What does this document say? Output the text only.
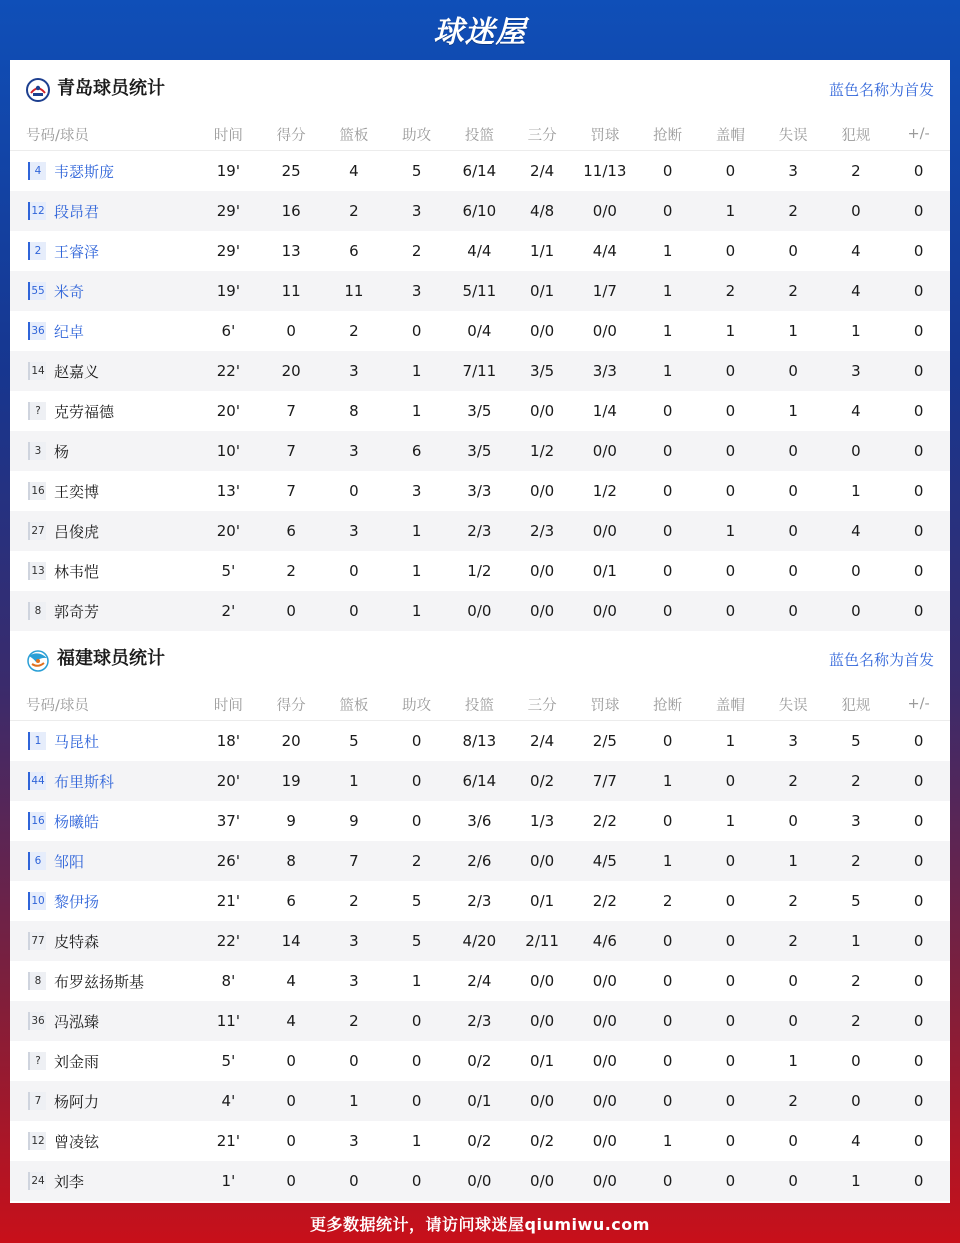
球迷屋
青岛球员统计	蓝色名称为首发
号码/球员	时间	得分	篮板	助攻	投篮	三分	罚球	抢断	盖帽	失误	犯规	+/-
4 韦瑟斯庞	19'	25	4	5	6/14	2/4	11/13	0	0	3	2	0
12 段昂君	29'	16	2	3	6/10	4/8	0/0	0	1	2	0	0
2 王睿泽	29'	13	6	2	4/4	1/1	4/4	1	0	0	4	0
55 米奇	19'	11	11	3	5/11	0/1	1/7	1	2	2	4	0
36 纪卓	6'	0	2	0	0/4	0/0	0/0	1	1	1	1	0
14 赵嘉义	22'	20	3	1	7/11	3/5	3/3	1	0	0	3	0
? 克劳福德	20'	7	8	1	3/5	0/0	1/4	0	0	1	4	0
3 杨	10'	7	3	6	3/5	1/2	0/0	0	0	0	0	0
16 王奕博	13'	7	0	3	3/3	0/0	1/2	0	0	0	1	0
27 吕俊虎	20'	6	3	1	2/3	2/3	0/0	0	1	0	4	0
13 林韦恺	5'	2	0	1	1/2	0/0	0/1	0	0	0	0	0
8 郭奇芳	2'	0	0	1	0/0	0/0	0/0	0	0	0	0	0
福建球员统计	蓝色名称为首发
号码/球员	时间	得分	篮板	助攻	投篮	三分	罚球	抢断	盖帽	失误	犯规	+/-
1 马昆杜	18'	20	5	0	8/13	2/4	2/5	0	1	3	5	0
44 布里斯科	20'	19	1	0	6/14	0/2	7/7	1	0	2	2	0
16 杨曦皓	37'	9	9	0	3/6	1/3	2/2	0	1	0	3	0
6 邹阳	26'	8	7	2	2/6	0/0	4/5	1	0	1	2	0
10 黎伊扬	21'	6	2	5	2/3	0/1	2/2	2	0	2	5	0
77 皮特森	22'	14	3	5	4/20	2/11	4/6	0	0	2	1	0
8 布罗兹扬斯基	8'	4	3	1	2/4	0/0	0/0	0	0	0	2	0
36 冯泓臻	11'	4	2	0	2/3	0/0	0/0	0	0	0	2	0
? 刘金雨	5'	0	0	0	0/2	0/1	0/0	0	0	1	0	0
7 杨阿力	4'	0	1	0	0/1	0/0	0/0	0	0	2	0	0
12 曾凌铉	21'	0	3	1	0/2	0/2	0/0	1	0	0	4	0
24 刘李	1'	0	0	0	0/0	0/0	0/0	0	0	0	1	0
更多数据统计，请访问球迷屋qiumiwu.com
